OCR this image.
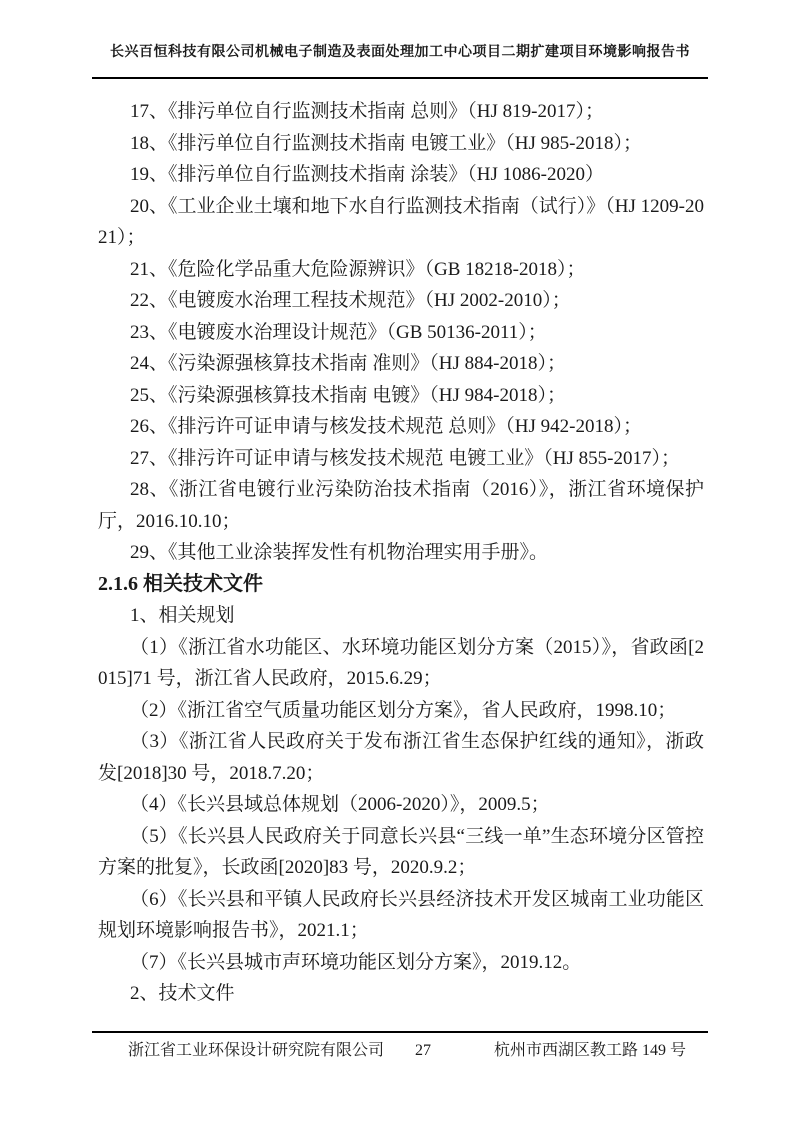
长兴百恒科技有限公司机械电子制造及表面处理加工中心项目二期扩建项目环境影响报告书

17、《排污单位自行监测技术指南 总则》（HJ 819-2017）；

18、《排污单位自行监测技术指南 电镀工业》（HJ 985-2018）；

19、《排污单位自行监测技术指南 涂装》（HJ 1086-2020）

20、《工业企业土壤和地下水自行监测技术指南（试行）》（HJ 1209-2021）；

21、《危险化学品重大危险源辨识》（GB 18218-2018）；

22、《电镀废水治理工程技术规范》（HJ 2002-2010）；

23、《电镀废水治理设计规范》（GB 50136-2011）；

24、《污染源强核算技术指南 准则》（HJ 884-2018）；

25、《污染源强核算技术指南 电镀》（HJ 984-2018）；

26、《排污许可证申请与核发技术规范 总则》（HJ 942-2018）；

27、《排污许可证申请与核发技术规范 电镀工业》（HJ 855-2017）；

28、《浙江省电镀行业污染防治技术指南（2016）》，浙江省环境保护厅，2016.10.10；

29、《其他工业涂装挥发性有机物治理实用手册》。

2.1.6 相关技术文件

1、相关规划

（1）《浙江省水功能区、水环境功能区划分方案（2015）》，省政函[2015]71 号，浙江省人民政府，2015.6.29；

（2）《浙江省空气质量功能区划分方案》，省人民政府，1998.10；

（3）《浙江省人民政府关于发布浙江省生态保护红线的通知》，浙政发[2018]30 号，2018.7.20；

（4）《长兴县域总体规划（2006-2020）》，2009.5；

（5）《长兴县人民政府关于同意长兴县“三线一单”生态环境分区管控方案的批复》，长政函[2020]83 号，2020.9.2；

（6）《长兴县和平镇人民政府长兴县经济技术开发区城南工业功能区规划环境影响报告书》，2021.1；

（7）《长兴县城市声环境功能区划分方案》，2019.12。

2、技术文件

浙江省工业环保设计研究院有限公司 27	杭州市西湖区教工路 149 号
